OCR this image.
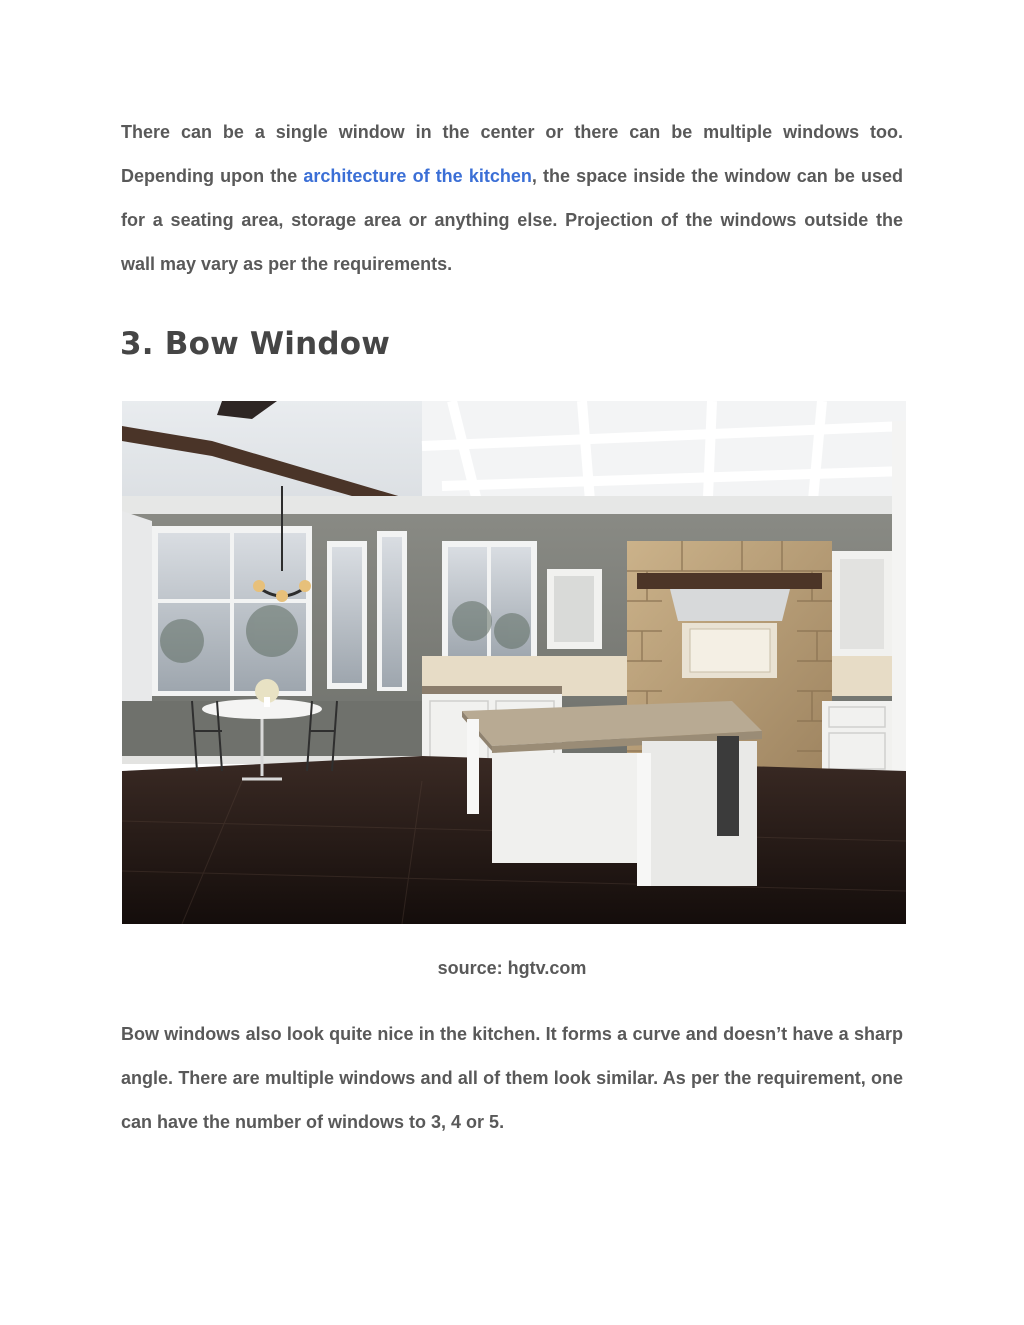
There can be a single window in the center or there can be multiple windows too. Depending upon the architecture of the kitchen, the space inside the window can be used for a seating area, storage area or anything else. Projection of the windows outside the wall may vary as per the requirements.

3. Bow Window

source: hgtv.com

Bow windows also look quite nice in the kitchen. It forms a curve and doesn’t have a sharp angle. There are multiple windows and all of them look similar. As per the requirement, one can have the number of windows to 3, 4 or 5.
